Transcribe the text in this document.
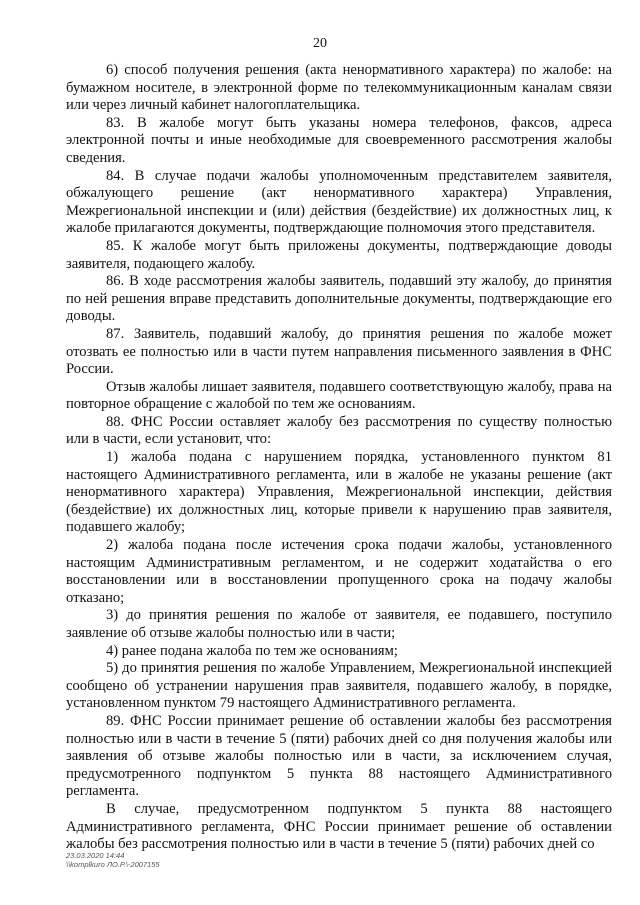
20

6) способ получения решения (акта ненормативного характера) по жалобе: на бумажном носителе, в электронной форме по телекоммуникационным каналам связи или через личный кабинет налогоплательщика.

83. В жалобе могут быть указаны номера телефонов, факсов, адреса электронной почты и иные необходимые для своевременного рассмотрения жалобы сведения.

84. В случае подачи жалобы уполномоченным представителем заявителя, обжалующего решение (акт ненормативного характера) Управления, Межрегиональной инспекции и (или) действия (бездействие) их должностных лиц, к жалобе прилагаются документы, подтверждающие полномочия этого представителя.

85. К жалобе могут быть приложены документы, подтверждающие доводы заявителя, подающего жалобу.

86. В ходе рассмотрения жалобы заявитель, подавший эту жалобу, до принятия по ней решения вправе представить дополнительные документы, подтверждающие его доводы.

87. Заявитель, подавший жалобу, до принятия решения по жалобе может отозвать ее полностью или в части путем направления письменного заявления в ФНС России.

Отзыв жалобы лишает заявителя, подавшего соответствующую жалобу, права на повторное обращение с жалобой по тем же основаниям.

88. ФНС России оставляет жалобу без рассмотрения по существу полностью или в части, если установит, что:

1) жалоба подана с нарушением порядка, установленного пунктом 81 настоящего Административного регламента, или в жалобе не указаны решение (акт ненормативного характера) Управления, Межрегиональной инспекции, действия (бездействие) их должностных лиц, которые привели к нарушению прав заявителя, подавшего жалобу;

2) жалоба подана после истечения срока подачи жалобы, установленного настоящим Административным регламентом, и не содержит ходатайства о его восстановлении или в восстановлении пропущенного срока на подачу жалобы отказано;

3) до принятия решения по жалобе от заявителя, ее подавшего, поступило заявление об отзыве жалобы полностью или в части;

4) ранее подана жалоба по тем же основаниям;

5) до принятия решения по жалобе Управлением, Межрегиональной инспекцией сообщено об устранении нарушения прав заявителя, подавшего жалобу, в порядке, установленном пунктом 79 настоящего Административного регламента.

89. ФНС России принимает решение об оставлении жалобы без рассмотрения полностью или в части в течение 5 (пяти) рабочих дней со дня получения жалобы или заявления об отзыве жалобы полностью или в части, за исключением случая, предусмотренного подпунктом 5 пункта 88 настоящего Административного регламента.

В случае, предусмотренном подпунктом 5 пункта 88 настоящего Административного регламента, ФНС России принимает решение об оставлении жалобы без рассмотрения полностью или в части в течение 5 (пяти) рабочих дней со

23.03.2020 14:44
\\komplkuro ЛО.Р.\-2007155
